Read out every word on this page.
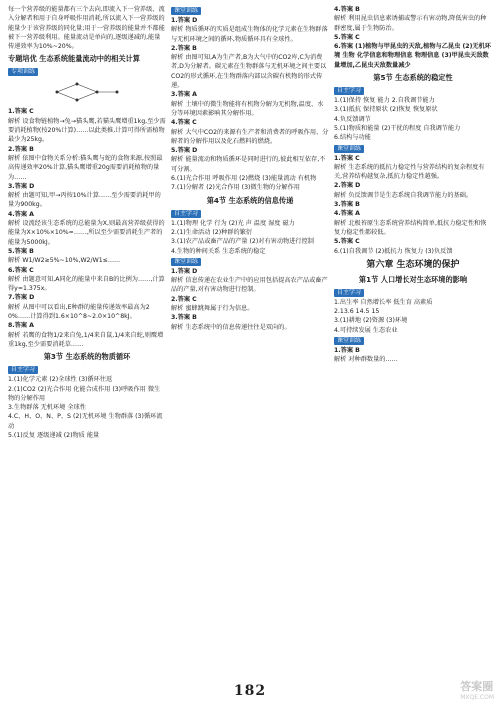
每一个营养级的能量都有三个去向,即流入下一营养级、流入分解者和用于自身呼吸作用消耗,所以流入下一营养级的能量少于该营养级的同化量;用于一营养级的能量并不都能被下一营养级利用。能量流动是单向的,逐级递减的,能量传递效率为10%~20%。

专题培优 生态系统能量流动中的相关计算
专项训练

1.答案 C

解析 设食物链植物→兔→猫头鹰,若猫头鹰增重1kg,至少需要消耗植物(按20%计算)……以此类推,计算可得所需植物最少为25kg。

2.答案 B

解析 依图中食物关系分析:猫头鹰与蛇的食物来源,按照最高传递效率20%计算,猫头鹰增重20g需要消耗植物的量为……

3.答案 D

解析 由题可知,甲→丙按10%计算……至少需要消耗甲的量为900kg。

4.答案 A

解析 设流经该生态系统的总能量为X,则最高营养级获得的能量为X×10%×10%=……,所以至少需要消耗生产者的能量为5000kJ。

5.答案 B

解析 W1/W2≥5%~10%,W2/W1≤……

6.答案 C

解析 由题意可知,A同化的能量中来自B的比例为……,计算得y=1.375x。

7.答案 D

解析 从图中可以看出,E种群的能量传递效率最高为20%……计算得到1.6×10^8~2.0×10^8kJ。

8.答案 A

解析 若鹰的食物1/2来自兔,1/4来自鼠,1/4来自蛇,则鹰增重1kg,至少需要消耗草……

第3节 生态系统的物质循环
自主学习

1.(1)化学元素 (2)全球性 (3)循环往返

2.(1)CO2 (2)光合作用 化能合成作用 (3)呼吸作用 微生物的分解作用

3.生物群落 无机环境 全球性

4.C、H、O、N、P、S (2)无机环境 生物群落 (3)循环流动

5.(1)反复 逐级递减 (2)物质 能量

课堂训练

1.答案 D

解析 物质循环的实质是组成生物体的化学元素在生物群落与无机环境之间的循环,物质循环具有全球性。

2.答案 B

解析 由图可知,A为生产者,B为大气中的CO2库,C为消费者,D为分解者。碳元素在生物群落与无机环境之间主要以CO2的形式循环,在生物群落内部以含碳有机物的形式传递。

3.答案 A

解析 土壤中的微生物能将有机物分解为无机物,温度、水分等环境因素影响其分解作用。

4.答案 C

解析 大气中CO2的来源有生产者和消费者的呼吸作用、分解者的分解作用以及化石燃料的燃烧。

5.答案 D

解析 能量流动和物质循环是同时进行的,彼此相互依存,不可分割。

6.(1)光合作用 呼吸作用 (2)燃烧 (3)能量流动 有机物

7.(1)分解者 (2)光合作用 (3)微生物的分解作用

第4节 生态系统的信息传递
自主学习

1.(1)物理 化学 行为 (2)光 声 温度 湿度 磁力

2.(1)生命活动 (2)种群的繁衍

3.(1)农产品或畜产品的产量 (2)对有害动物进行控制

4.生物的种间关系 生态系统的稳定

课堂训练

1.答案 D

解析 信息传递在农业生产中的应用包括提高农产品或畜产品的产量,对有害动物进行控制。

2.答案 C

解析 蜜蜂跳舞属于行为信息。

3.答案 B

解析 生态系统中的信息传递往往是双向的。

4.答案 B

解析 利用昆虫信息素诱捕或警示有害动物,降低害虫的种群密度,属于生物防治。

5.答案 C

6.答案 (1)植物与甲昆虫的天敌,植物与乙昆虫 (2)无机环境 生物 化学信息和物理信息 物理信息 (3)甲昆虫天敌数量增加,乙昆虫天敌数量减少

第5节 生态系统的稳定性
自主学习

1.(1)保持 恢复 能力 2.自我调节能力

3.(1)抵抗 保持原状 (2)恢复 恢复原状

4.负反馈调节

5.(1)物质和能量 (2)干扰的程度 自我调节能力

6.结构与功能

课堂训练

1.答案 C

解析 生态系统的抵抗力稳定性与营养结构的复杂程度有关,营养结构越复杂,抵抗力稳定性越强。

2.答案 D

解析 负反馈调节是生态系统自我调节能力的基础。

3.答案 B

4.答案 A

解析 北极苔原生态系统营养结构简单,抵抗力稳定性和恢复力稳定性都较低。

5.答案 C

6.(1)自我调节 (2)抵抗力 恢复力 (3)负反馈

第六章 生态环境的保护
第1节 人口增长对生态环境的影响
自主学习

1.出生率 自然增长率 低生育 高素质

2.13.6 14.5 15

3.(1)耕地 (2)资源 (3)环境

4.可持续发展 生态农业

课堂训练

1.答案 B

解析 对种群数量的……

182	答案圈
MXQE.COM
